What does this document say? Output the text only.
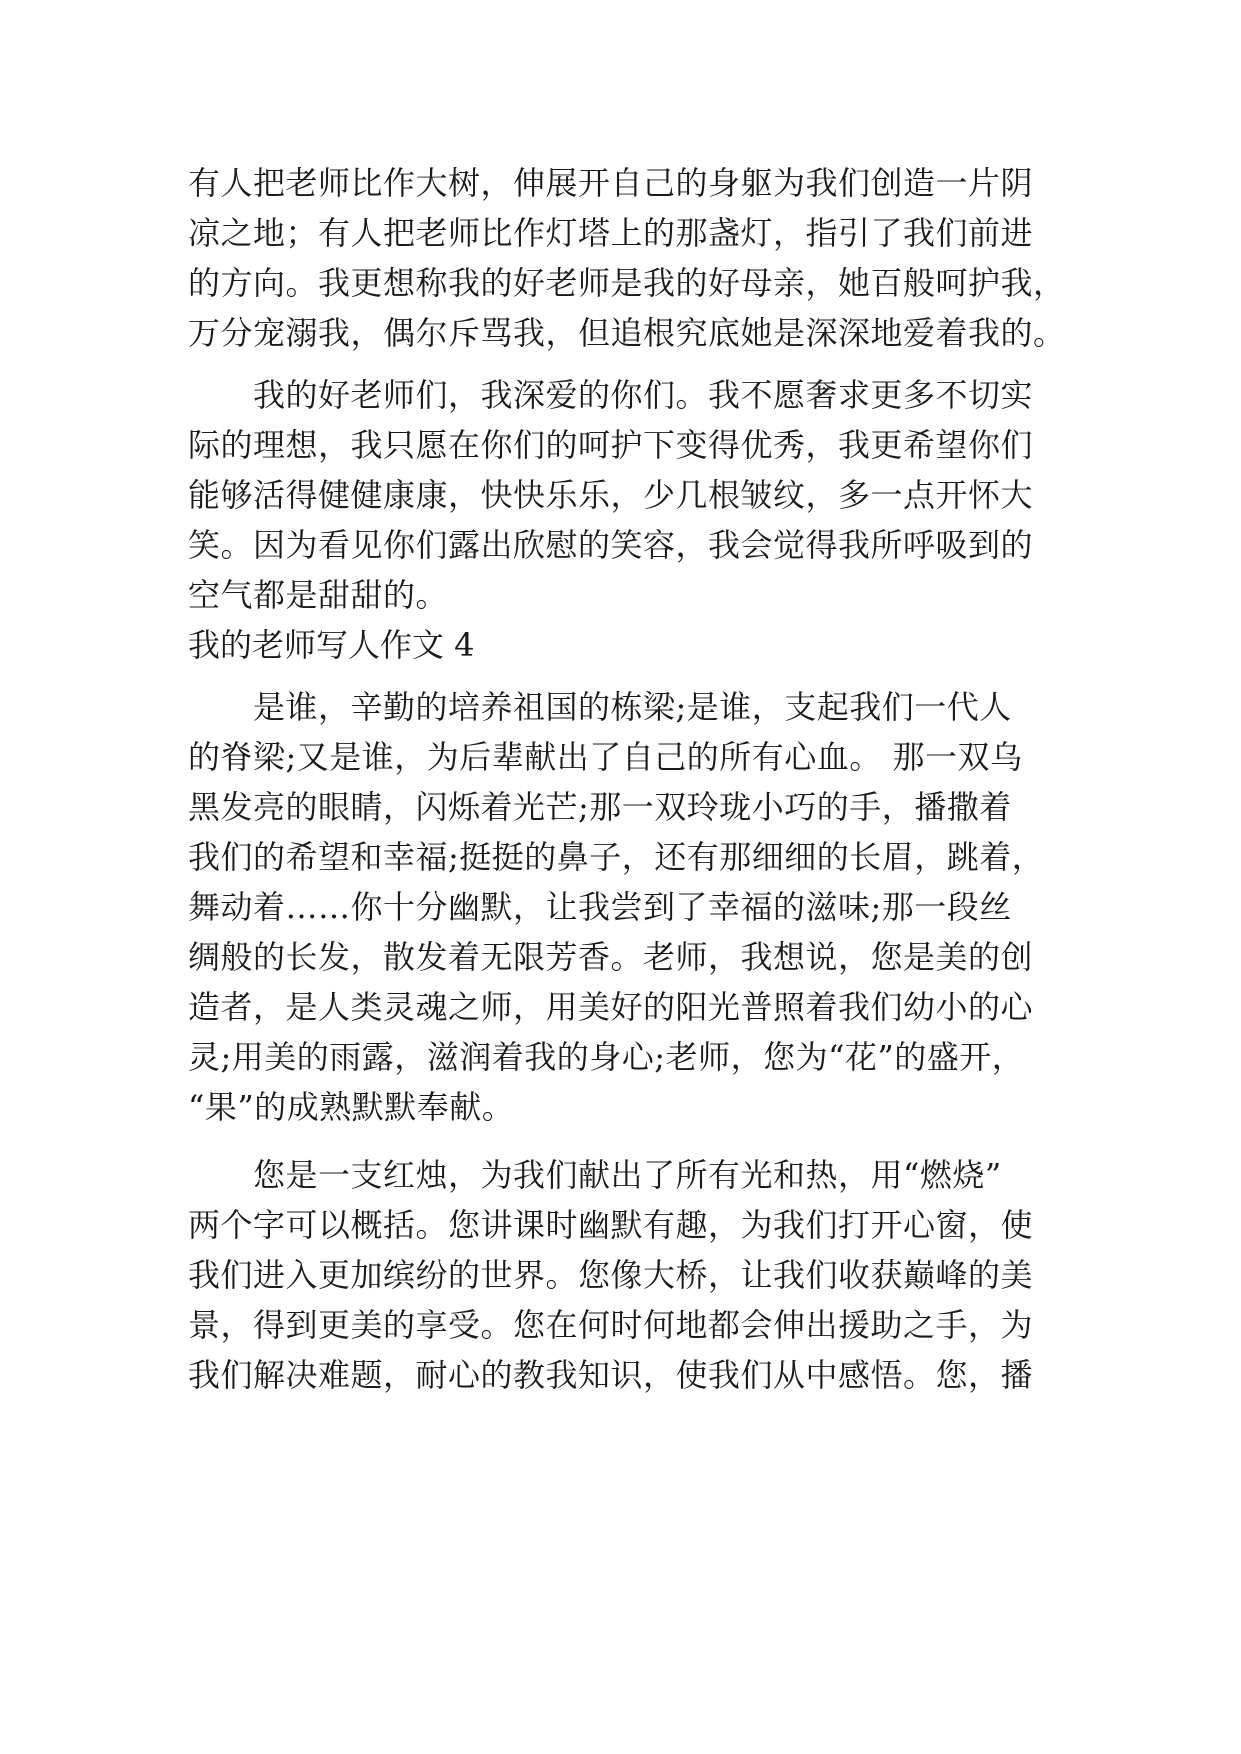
有人把老师比作大树，伸展开自己的身躯为我们创造一片阴
凉之地；有人把老师比作灯塔上的那盏灯，指引了我们前进
的方向。我更想称我的好老师是我的好母亲，她百般呵护我，
万分宠溺我，偶尔斥骂我，但追根究底她是深深地爱着我的。
　　我的好老师们，我深爱的你们。我不愿奢求更多不切实
际的理想，我只愿在你们的呵护下变得优秀，我更希望你们
能够活得健健康康，快快乐乐，少几根皱纹，多一点开怀大
笑。因为看见你们露出欣慰的笑容，我会觉得我所呼吸到的
空气都是甜甜的。
我的老师写人作文 4
　　是谁，辛勤的培养祖国的栋梁;是谁，支起我们一代人
的脊梁;又是谁，为后辈献出了自己的所有心血。 那一双乌
黑发亮的眼睛，闪烁着光芒;那一双玲珑小巧的手，播撒着
我们的希望和幸福;挺挺的鼻子，还有那细细的长眉，跳着，
舞动着……你十分幽默，让我尝到了幸福的滋味;那一段丝
绸般的长发，散发着无限芳香。老师，我想说，您是美的创
造者，是人类灵魂之师，用美好的阳光普照着我们幼小的心
灵;用美的雨露，滋润着我的身心;老师，您为“花”的盛开，
“果”的成熟默默奉献。
　　您是一支红烛，为我们献出了所有光和热，用“燃烧”
两个字可以概括。您讲课时幽默有趣，为我们打开心窗，使
我们进入更加缤纷的世界。您像大桥，让我们收获巅峰的美
景，得到更美的享受。您在何时何地都会伸出援助之手，为
我们解决难题，耐心的教我知识，使我们从中感悟。您，播
